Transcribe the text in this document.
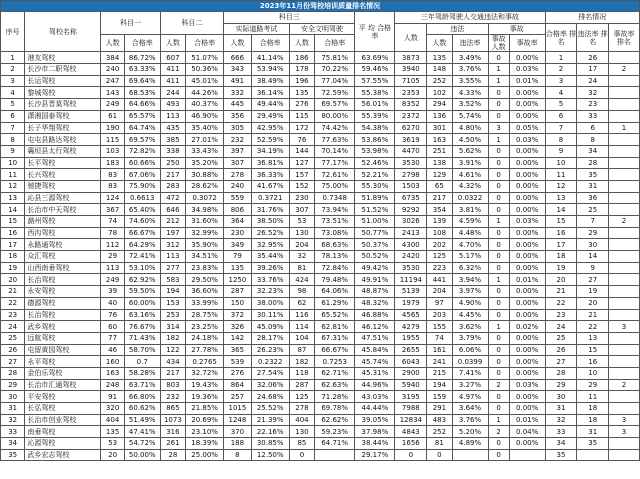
2023年11月份驾校培训质量排名情况																		
序号	驾校名称	科目一		科目二		科目三				平 均 合格率	三年驾龄驾驶人交通违法和事故					排名情况		
						实际道路考试		安全文明驾驶			人数	违法		事故		合格率 排名	违法率 排名	事故率 排名
		人数	合格率	人数	合格率	人数	合格率	人数	合格率			人数	违法率	事故 人数	事故率			
1	港友驾校	384	86.72%	607	51.07%	666	41.14%	186	75.81%	63.69%	3873	135	3.49%	0	0.00%	1	26	
2	长沙市二职驾校	240	63.33%	411	50.36%	343	53.94%	178	70.22%	59.46%	3940	148	3.76%	1	0.03%	2	17	2
3	长运驾校	247	69.64%	411	45.01%	491	38.49%	196	77.04%	57.55%	7105	252	3.55%	1	0.01%	3	24	
4	黎城驾校	143	68.53%	244	44.26%	332	36.14%	135	72.59%	55.38%	2353	102	4.33%	0	0.00%	4	32	
5	长沙县晋莫驾校	249	64.66%	493	40.37%	445	49.44%	276	69.57%	56.01%	8352	294	3.52%	0	0.00%	5	23	
6	潇湘国泰驾校	61	65.57%	113	46.90%	356	29.49%	115	80.00%	55.39%	2372	136	5.74%	0	0.00%	6	33	
7	长子华翔驾校	190	64.74%	435	35.40%	305	42.95%	172	74.42%	54.38%	6270	301	4.80%	3	0.05%	7	6	1
8	屯屯县路达驾校	115	69.57%	385	27.01%	232	52.59%	76	77.63%	53.86%	3619	163	4.50%	1	0.03%	8	8	
9	襄垣县太行驾校	103	72.82%	338	33.43%	397	34.19%	144	70.14%	53.98%	4470	251	5.62%	0	0.00%	9	34	
10	长平驾校	183	60.66%	250	35.20%	307	36.81%	127	77.17%	52.46%	3530	138	3.91%	0	0.00%	10	28	
11	长兴驾校	83	67.06%	217	30.88%	278	36.33%	157	72.61%	52.21%	2798	129	4.61%	0	0.00%	11	35	
12	驰捷驾校	83	75.90%	283	28.62%	240	41.67%	152	75.00%	55.30%	1503	65	4.32%	0	0.00%	12	31	
13	沁县三源驾校	124	0.6613	472	0.3072	559	0.3721	230	0.7348	51.89%	6735	217	0.0322	0	0.00%	13	36	
14	长治市中天驾校	367	65.40%	646	34.98%	806	31.76%	307	73.94%	51.52%	9292	354	3.81%	0	0.00%	14	25	
15	潞州驾校	74	74.60%	212	31.60%	364	38.50%	53	73.51%	51.00%	3026	139	4.59%	1	0.03%	15	7	2
16	西沟驾校	78	66.67%	197	32.99%	230	26.52%	130	73.08%	50.77%	2413	108	4.48%	0	0.00%	16	29	
17	永路通驾校	112	64.29%	312	35.90%	349	32.95%	204	68.63%	50.37%	4300	202	4.70%	0	0.00%	17	30	
18	众汇驾校	29	72.41%	113	34.51%	79	35.44%	32	78.13%	50.52%	2420	125	5.17%	0	0.00%	18	14	
19	山西南垂驾校	113	53.10%	277	23.83%	135	39.26%	81	72.84%	49.42%	3530	223	6.32%	0	0.00%	19	9	
20	长治驾校	249	62.92%	583	29.50%	1250	33.76%	424	79.48%	49.91%	11194	441	3.94%	1	0.01%	20	27	
21	永安驾校	39	59.50%	194	36.60%	287	32.23%	98	64.06%	48.87%	5139	204	3.97%	0	0.00%	21	19	
22	德源驾校	40	60.00%	153	33.99%	150	38.00%	62	61.29%	48.32%	1979	97	4.90%	0	0.00%	22	20	
23	长治驾校	76	63.16%	253	28.75%	372	30.11%	116	65.52%	46.88%	4565	203	4.45%	0	0.00%	23	21	
24	武乡驾校	60	76.67%	314	23.25%	326	45.09%	114	62.81%	46.12%	4279	155	3.62%	1	0.02%	24	22	3
25	远航驾校	77	71.43%	182	24.18%	142	28.17%	104	67.31%	47.51%	1955	74	3.79%	0	0.00%	25	13	
26	屯留黄园驾校	46	58.70%	122	27.78%	365	26.23%	87	66.67%	45.84%	2655	161	6.06%	0	0.00%	26	15	
27	永平驾校	160	0.7	434	0.2765	539	0.2322	182	0.7253	45.74%	6043	241	0.0399	0	0.00%	27	16	
28	金伯乐驾校	163	58.28%	217	32.72%	276	27.54%	118	62.71%	45.31%	2900	215	7.41%	0	0.00%	28	10	
29	长治市汇通驾校	248	63.71%	803	19.43%	864	32.06%	287	62.63%	44.96%	5940	194	3.27%	2	0.03%	29	29	2
30	平安驾校	91	66.80%	232	19.36%	257	24.68%	125	71.28%	43.03%	3195	159	4.97%	0	0.00%	30	11	
31	长弘驾校	320	60.62%	865	21.85%	1015	25.52%	278	69.78%	44.44%	7988	291	3.64%	0	0.00%	31	18	
32	长治市创业驾校	404	51.49%	1073	20.69%	1248	21.39%	404	62.62%	39.05%	12834	483	3.76%	1	0.01%	32	18	3
33	南垂驾校	135	47.41%	316	23.10%	370	22.16%	130	59.23%	37.98%	4843	252	5.20%	2	0.04%	33	31	3
34	沁源驾校	53	54.72%	261	18.39%	188	30.85%	85	64.71%	38.44%	1656	81	4.89%	0	0.00%	34	35	
35	武乡宏志驾校	20	50.00%	28	25.00%	8	12.50%	0		29.17%	0	0		0		35		
